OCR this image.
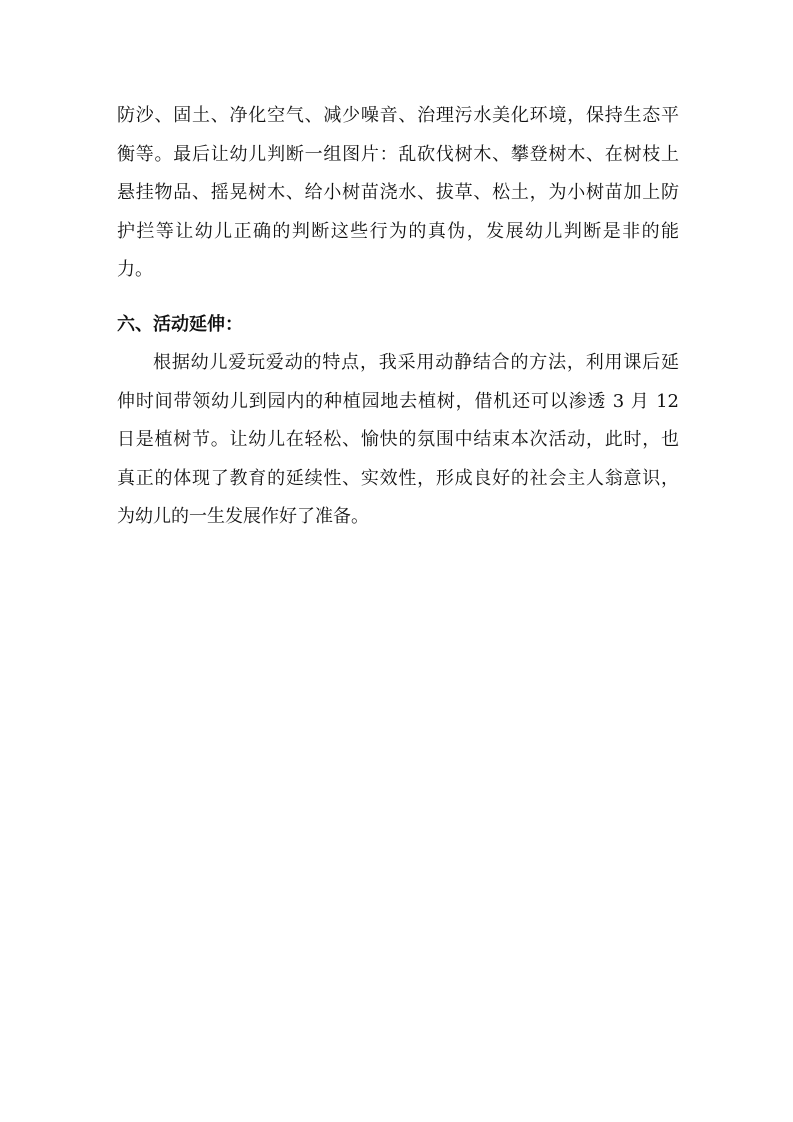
防沙、固土、净化空气、减少噪音、治理污水美化环境，保持生态平
衡等。最后让幼儿判断一组图片：乱砍伐树木、攀登树木、在树枝上
悬挂物品、摇晃树木、给小树苗浇水、拔草、松土，为小树苗加上防
护拦等让幼儿正确的判断这些行为的真伪，发展幼儿判断是非的能
力。
六、活动延伸：
根据幼儿爱玩爱动的特点，我采用动静结合的方法，利用课后延
伸时间带领幼儿到园内的种植园地去植树，借机还可以渗透 3 月 12
日是植树节。让幼儿在轻松、愉快的氛围中结束本次活动，此时，也
真正的体现了教育的延续性、实效性，形成良好的社会主人翁意识，
为幼儿的一生发展作好了准备。
